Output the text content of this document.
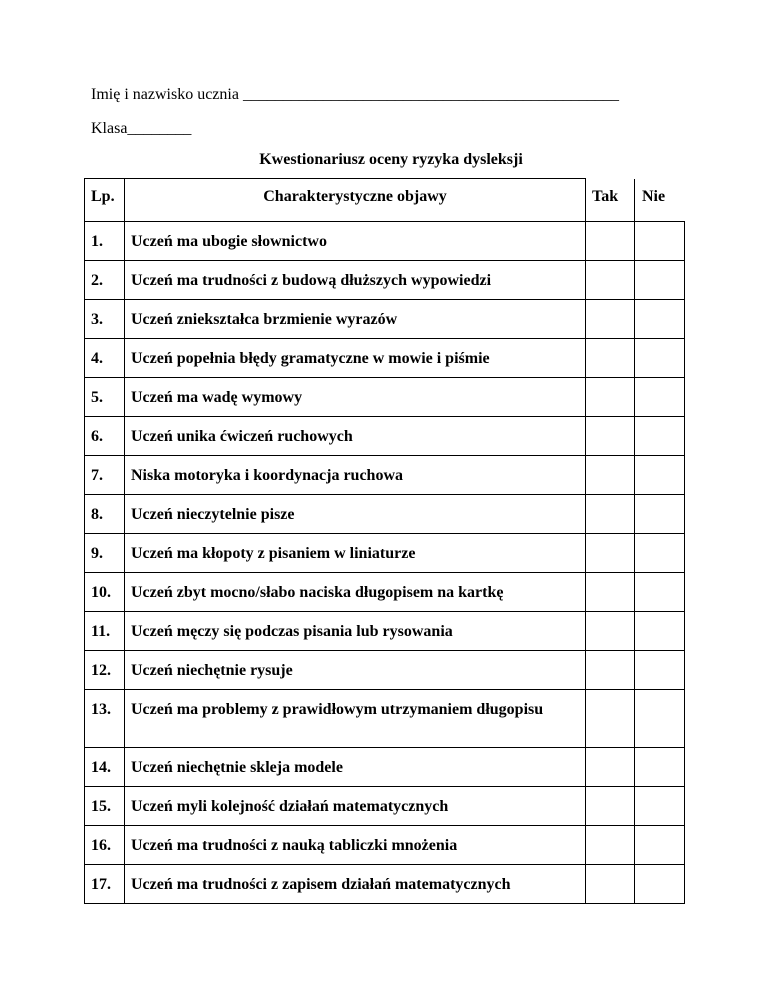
Imię i nazwisko ucznia _______________________________________________
Klasa________
Kwestionariusz oceny ryzyka dysleksji
Lp.	Charakterystyczne objawy	Tak	Nie
1.	Uczeń ma ubogie słownictwo		
2.	Uczeń ma trudności z budową dłuższych wypowiedzi		
3.	Uczeń zniekształca brzmienie wyrazów		
4.	Uczeń popełnia błędy gramatyczne w mowie i piśmie		
5.	Uczeń ma wadę wymowy		
6.	Uczeń unika ćwiczeń ruchowych		
7.	Niska motoryka i koordynacja ruchowa		
8.	Uczeń nieczytelnie pisze		
9.	Uczeń ma kłopoty z pisaniem w liniaturze		
10.	Uczeń zbyt mocno/słabo naciska długopisem na kartkę		
11.	Uczeń męczy się podczas pisania lub rysowania		
12.	Uczeń niechętnie rysuje		
13.	Uczeń ma problemy z prawidłowym utrzymaniem długopisu		
14.	Uczeń niechętnie skleja modele		
15.	Uczeń myli kolejność działań matematycznych		
16.	Uczeń ma trudności z nauką tabliczki mnożenia		
17.	Uczeń ma trudności z zapisem działań matematycznych		
